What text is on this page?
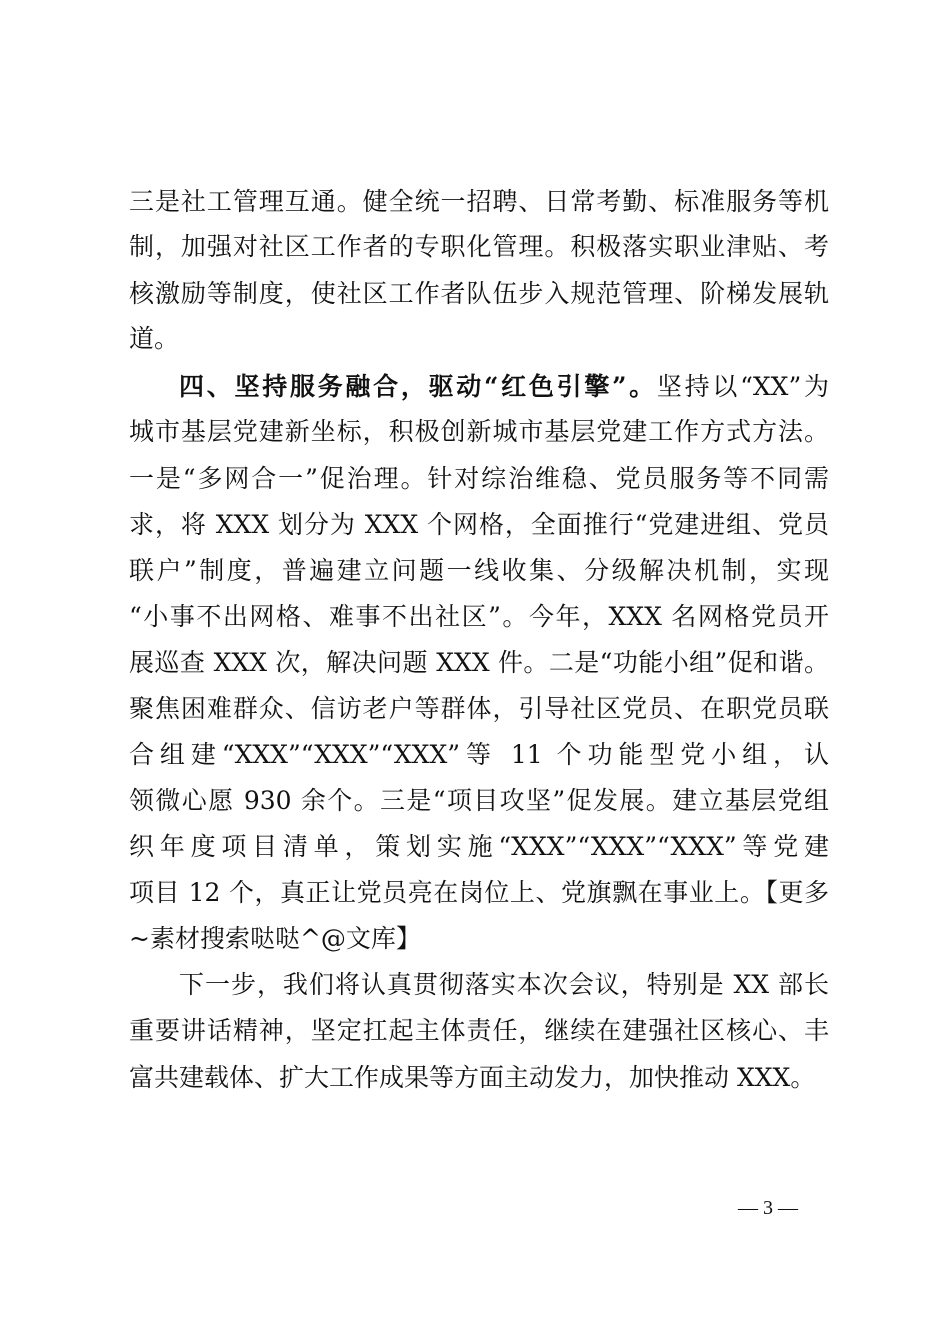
三是社工管理互通。健全统一招聘、日常考勤、标准服务等机
制，加强对社区工作者的专职化管理。积极落实职业津贴、考
核激励等制度，使社区工作者队伍步入规范管理、阶梯发展轨
道。
四、坚持服务融合，驱动“红色引擎”。坚持以“XX”为
城市基层党建新坐标，积极创新城市基层党建工作方式方法。
一是“多网合一”促治理。针对综治维稳、党员服务等不同需
求，将 XXX 划分为 XXX 个网格，全面推行“党建进组、党员
联户”制度，普遍建立问题一线收集、分级解决机制，实现
“小事不出网格、难事不出社区”。今年，XXX 名网格党员开
展巡查 XXX 次，解决问题 XXX 件。二是“功能小组”促和谐。
聚焦困难群众、信访老户等群体，引导社区党员、在职党员联
合组建“XXX”“XXX”“XXX”等 11 个功能型党小组，认
领微心愿 930 余个。三是“项目攻坚”促发展。建立基层党组
织年度项目清单，策划实施“XXX”“XXX”“XXX”等党建
项目 12 个，真正让党员亮在岗位上、党旗飘在事业上。【更多
~素材搜索哒哒^@文库】
下一步，我们将认真贯彻落实本次会议，特别是 XX 部长
重要讲话精神，坚定扛起主体责任，继续在建强社区核心、丰
富共建载体、扩大工作成果等方面主动发力，加快推动 XXX。
— 3 —
